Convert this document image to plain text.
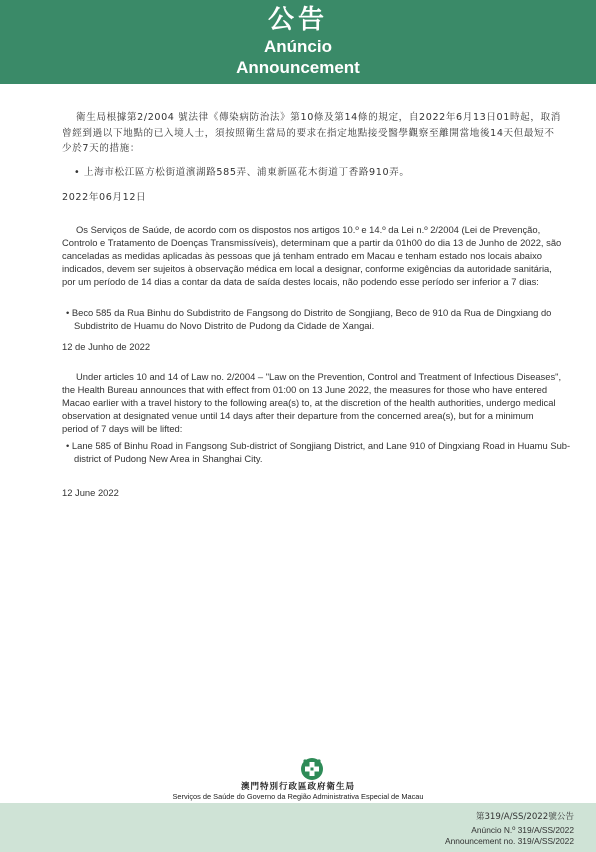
公告
Anúncio
Announcement
衛生局根據第2/2004 號法律《傳染病防治法》第10條及第14條的規定，自2022年6月13日01時起，取消曾經到過以下地點的已入境人士，須按照衛生當局的要求在指定地點接受醫學觀察至離開當地後14天但最短不少於7天的措施：
• 上海市松江區方松街道濱湖路585弄、浦東新區花木街道丁香路910弄。
2022年06月12日
Os Serviços de Saúde, de acordo com os dispostos nos artigos 10.º e 14.º da Lei n.º 2/2004 (Lei de Prevenção, Controlo e Tratamento de Doenças Transmissíveis), determinam que a partir da 01h00 do dia 13 de Junho de 2022, são canceladas as medidas aplicadas às pessoas que já tenham entrado em Macau e tenham estado nos locais abaixo indicados, devem ser sujeitos à observação médica em local a designar, conforme exigências da autoridade sanitária, por um período de 14 dias a contar da data de saída destes locais, não podendo esse período ser inferior a 7 dias:
• Beco 585 da Rua Binhu do Subdistrito de Fangsong do Distrito de Songjiang, Beco de 910 da Rua de Dingxiang do Subdistrito de Huamu do Novo Distrito de Pudong da Cidade de Xangai.
12 de Junho de 2022
Under articles 10 and 14 of Law no. 2/2004 – "Law on the Prevention, Control and Treatment of Infectious Diseases", the Health Bureau announces that with effect from 01:00 on 13 June 2022, the measures for those who have entered Macao earlier with a travel history to the following area(s) to, at the discretion of the health authorities, undergo medical observation at designated venue until 14 days after their departure from the concerned area(s), but for a minimum period of 7 days will be lifted:
• Lane 585 of Binhu Road in Fangsong Sub-district of Songjiang District, and Lane 910 of Dingxiang Road in Huamu Sub-district of Pudong New Area in Shanghai City.
12 June 2022
澳門特別行政區政府衛生局
Serviços de Saúde do Governo da Região Administrativa Especial de Macau
第319/A/SS/2022號公告
Anúncio N.º 319/A/SS/2022
Announcement no. 319/A/SS/2022
